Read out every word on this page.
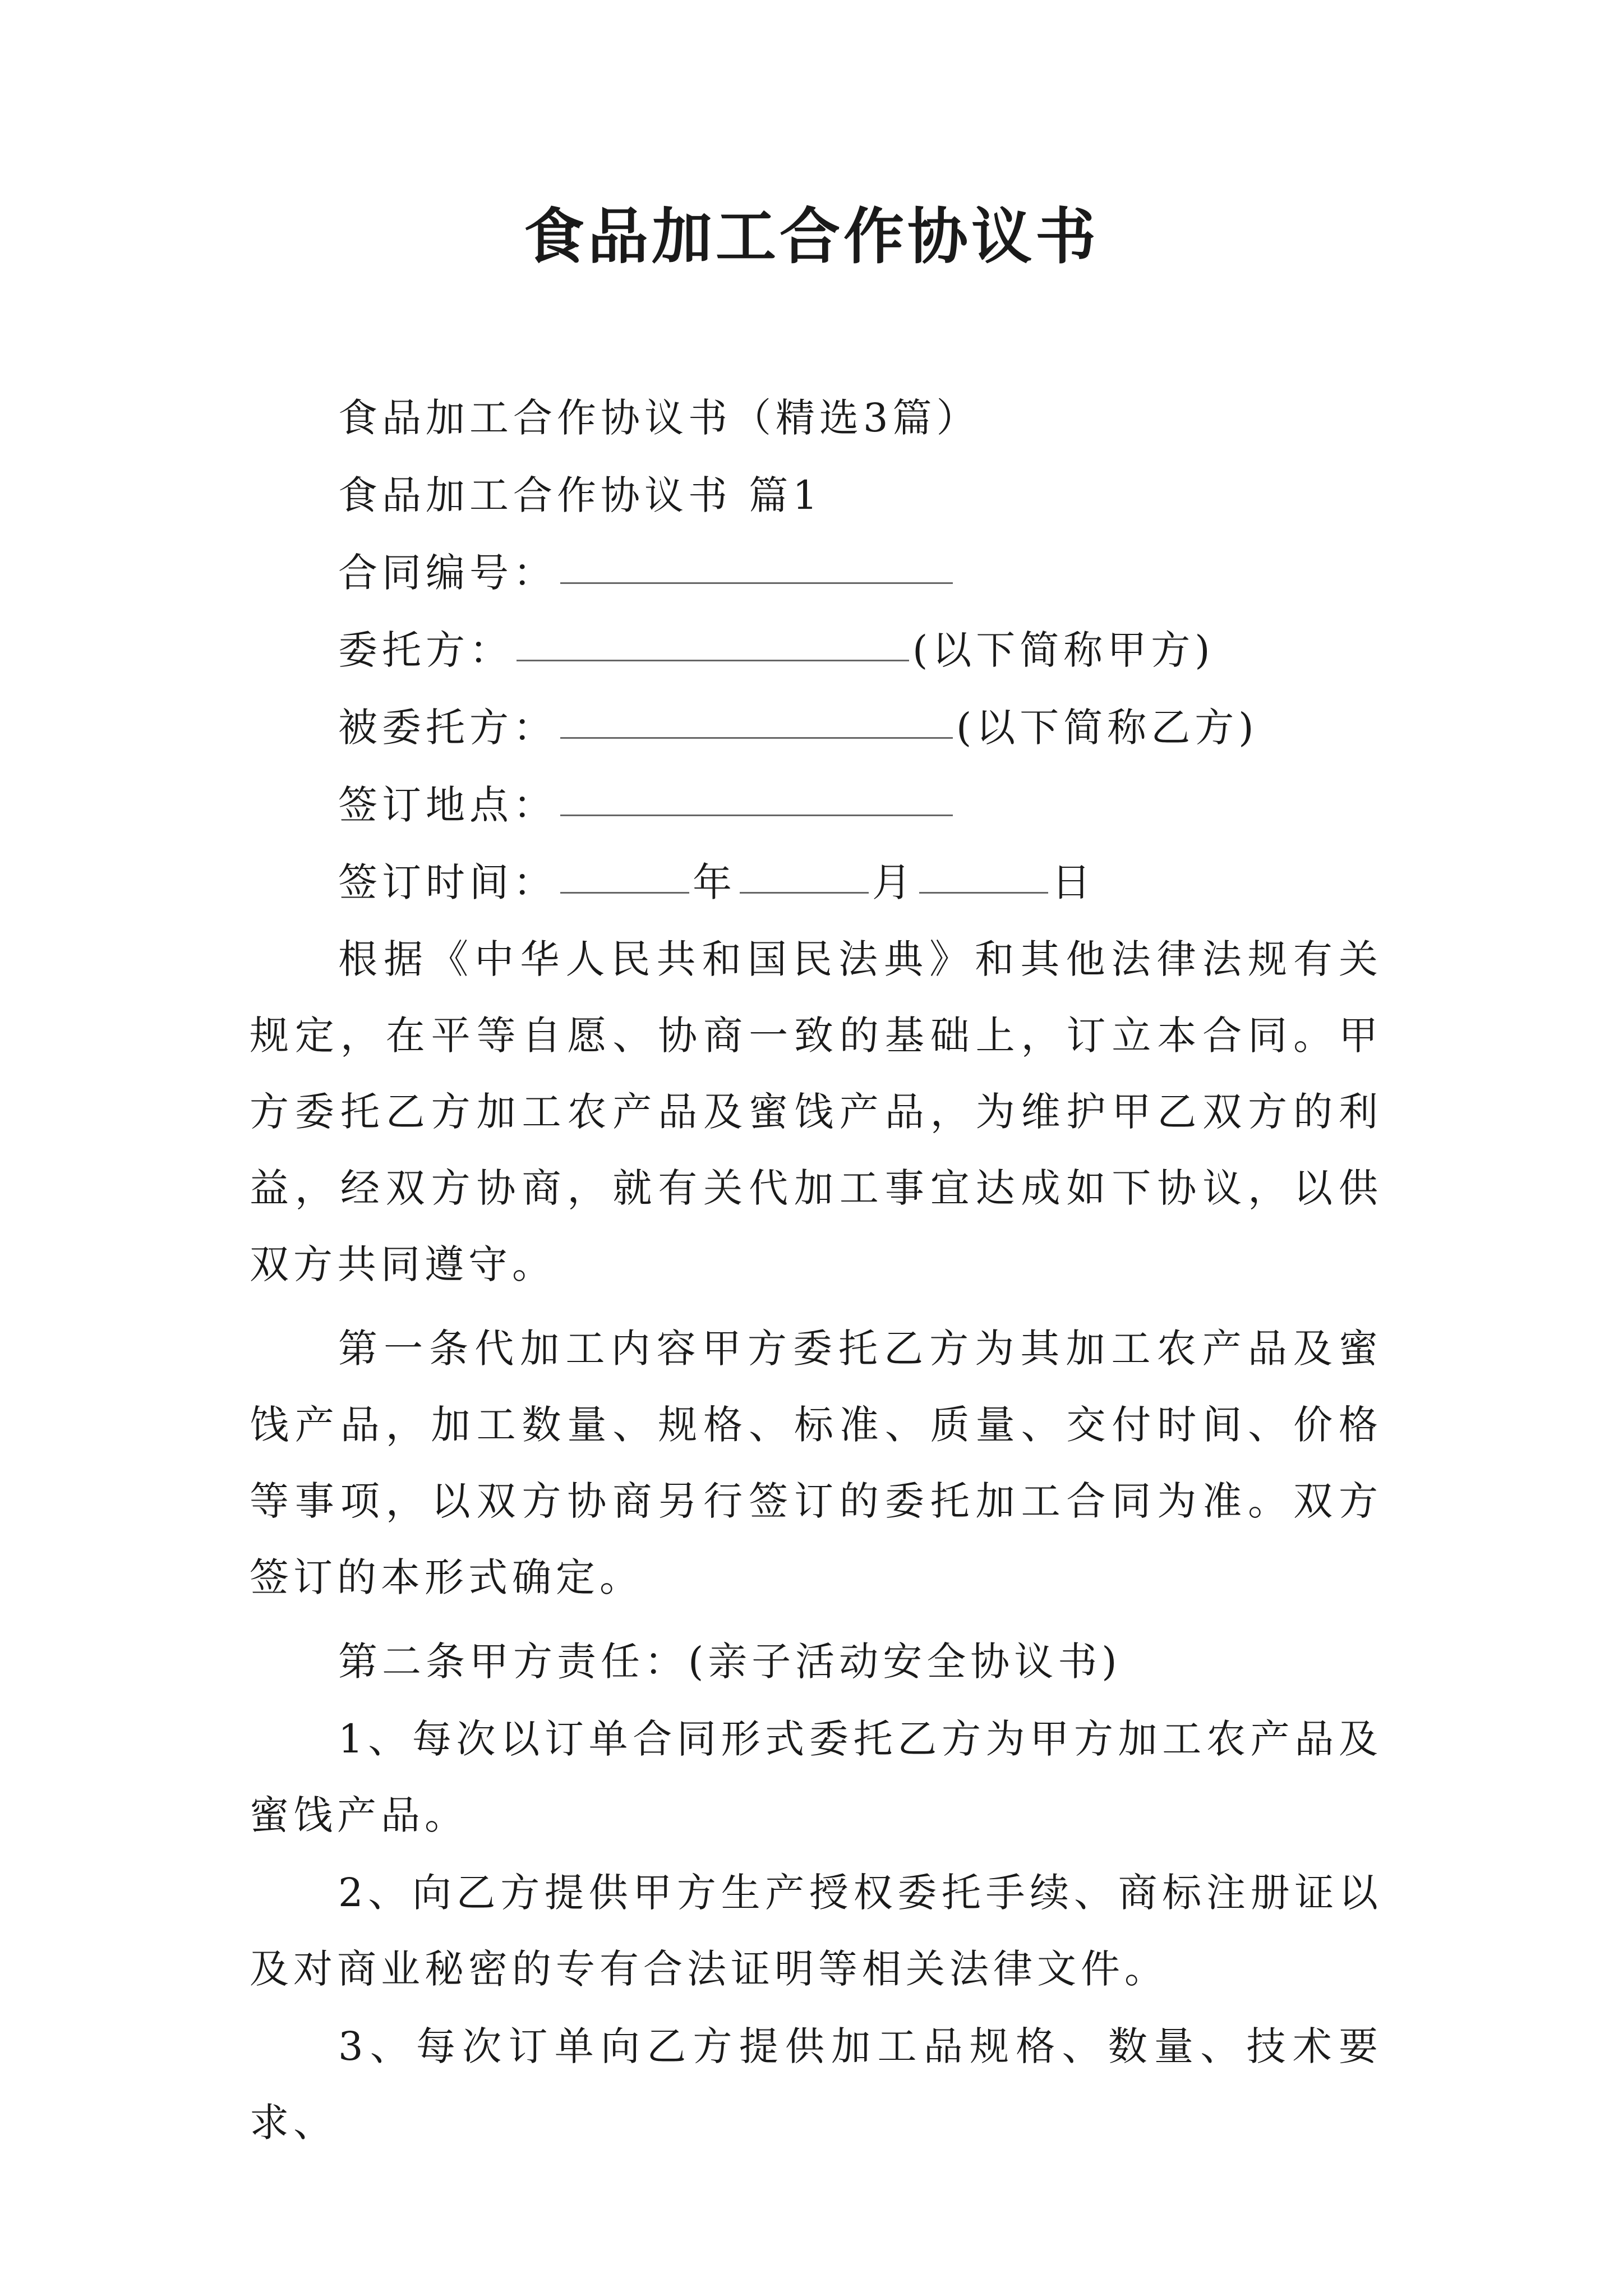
食品加工合作协议书

食品加工合作协议书（精选3篇）

食品加工合作协议书 篇1

合同编号：

委托方：	(以下简称甲方)

被委托方：	(以下简称乙方)

签订地点：

签订时间：	年	月	日

根据《中华人民共和国民法典》和其他法律法规有关规定，在平等自愿、协商一致的基础上，订立本合同。甲方委托乙方加工农产品及蜜饯产品，为维护甲乙双方的利益，经双方协商，就有关代加工事宜达成如下协议，以供双方共同遵守。

第一条代加工内容甲方委托乙方为其加工农产品及蜜饯产品，加工数量、规格、标准、质量、交付时间、价格等事项，以双方协商另行签订的委托加工合同为准。双方签订的本形式确定。

第二条甲方责任：(亲子活动安全协议书)

1、每次以订单合同形式委托乙方为甲方加工农产品及蜜饯产品。

2、向乙方提供甲方生产授权委托手续、商标注册证以及对商业秘密的专有合法证明等相关法律文件。

3、每次订单向乙方提供加工品规格、数量、技术要求、
